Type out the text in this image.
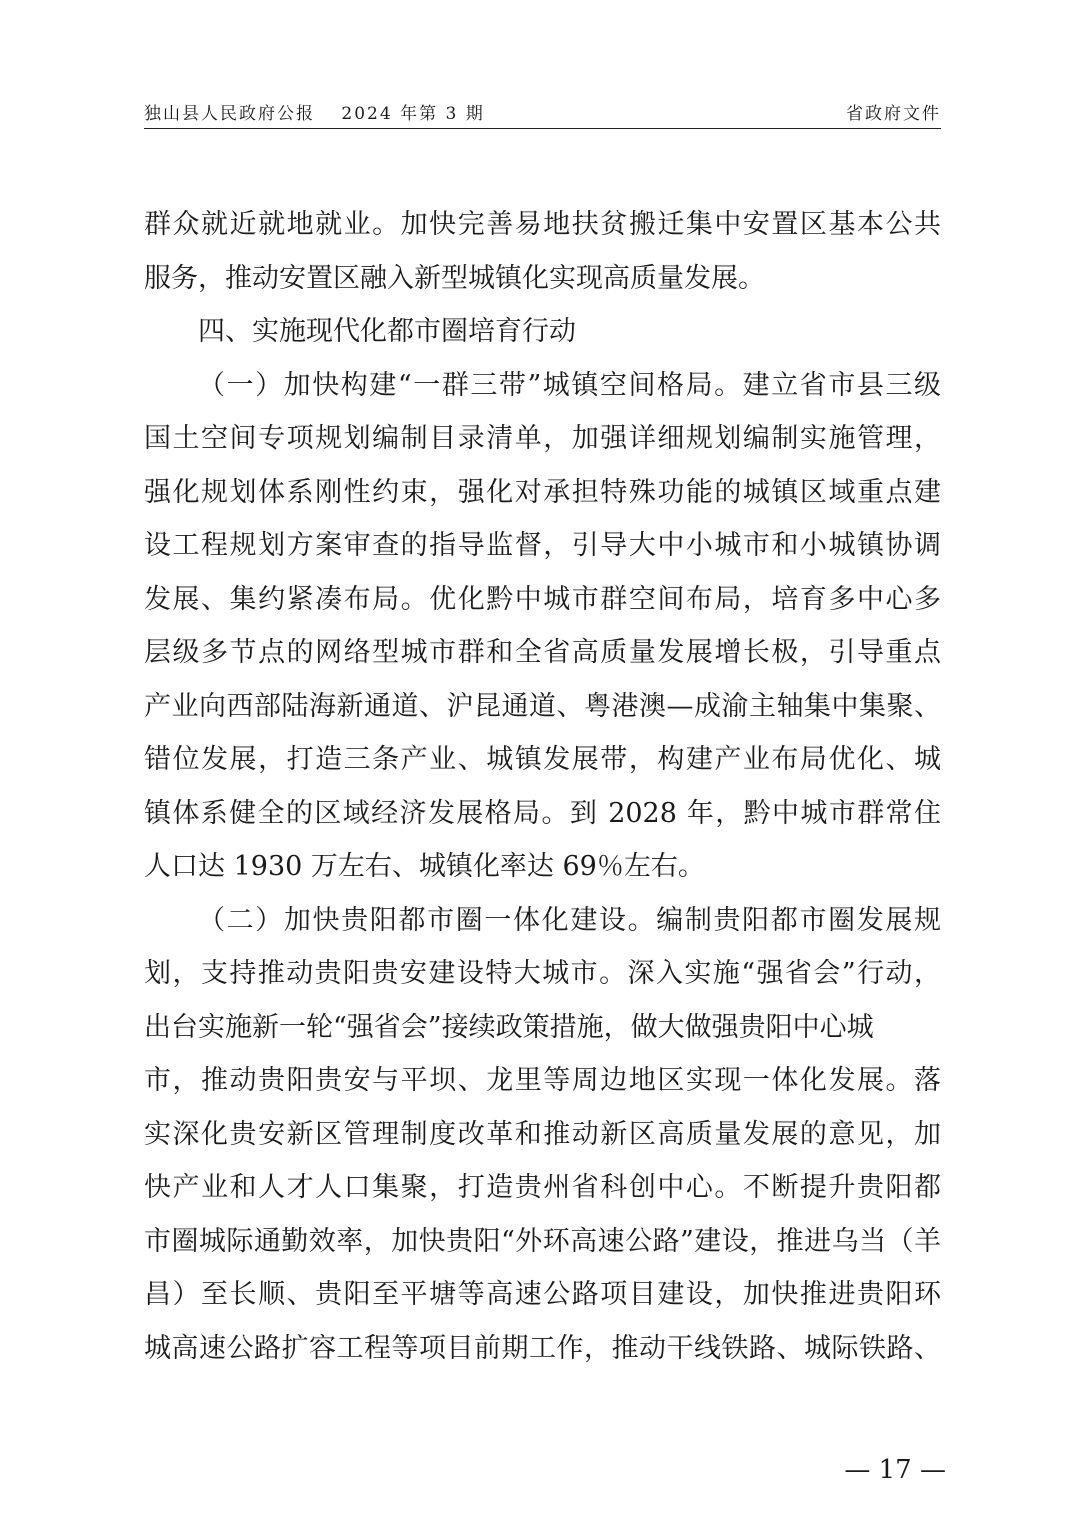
独山县人民政府公报　 2024 年第 3 期	省政府文件
群众就近就地就业。加快完善易地扶贫搬迁集中安置区基本公共
服务，推动安置区融入新型城镇化实现高质量发展。
四、实施现代化都市圈培育行动
（一）加快构建“一群三带”城镇空间格局。建立省市县三级
国土空间专项规划编制目录清单，加强详细规划编制实施管理，
强化规划体系刚性约束，强化对承担特殊功能的城镇区域重点建
设工程规划方案审查的指导监督，引导大中小城市和小城镇协调
发展、集约紧凑布局。优化黔中城市群空间布局，培育多中心多
层级多节点的网络型城市群和全省高质量发展增长极，引导重点
产业向西部陆海新通道、沪昆通道、粤港澳—成渝主轴集中集聚、
错位发展，打造三条产业、城镇发展带，构建产业布局优化、城
镇体系健全的区域经济发展格局。到 2028 年，黔中城市群常住
人口达 1930 万左右、城镇化率达 69％左右。
（二）加快贵阳都市圈一体化建设。编制贵阳都市圈发展规
划，支持推动贵阳贵安建设特大城市。深入实施“强省会”行动，
出台实施新一轮“强省会”接续政策措施，做大做强贵阳中心城
市，推动贵阳贵安与平坝、龙里等周边地区实现一体化发展。落
实深化贵安新区管理制度改革和推动新区高质量发展的意见，加
快产业和人才人口集聚，打造贵州省科创中心。不断提升贵阳都
市圈城际通勤效率，加快贵阳“外环高速公路”建设，推进乌当（羊
昌）至长顺、贵阳至平塘等高速公路项目建设，加快推进贵阳环
城高速公路扩容工程等项目前期工作，推动干线铁路、城际铁路、
— 17 —
